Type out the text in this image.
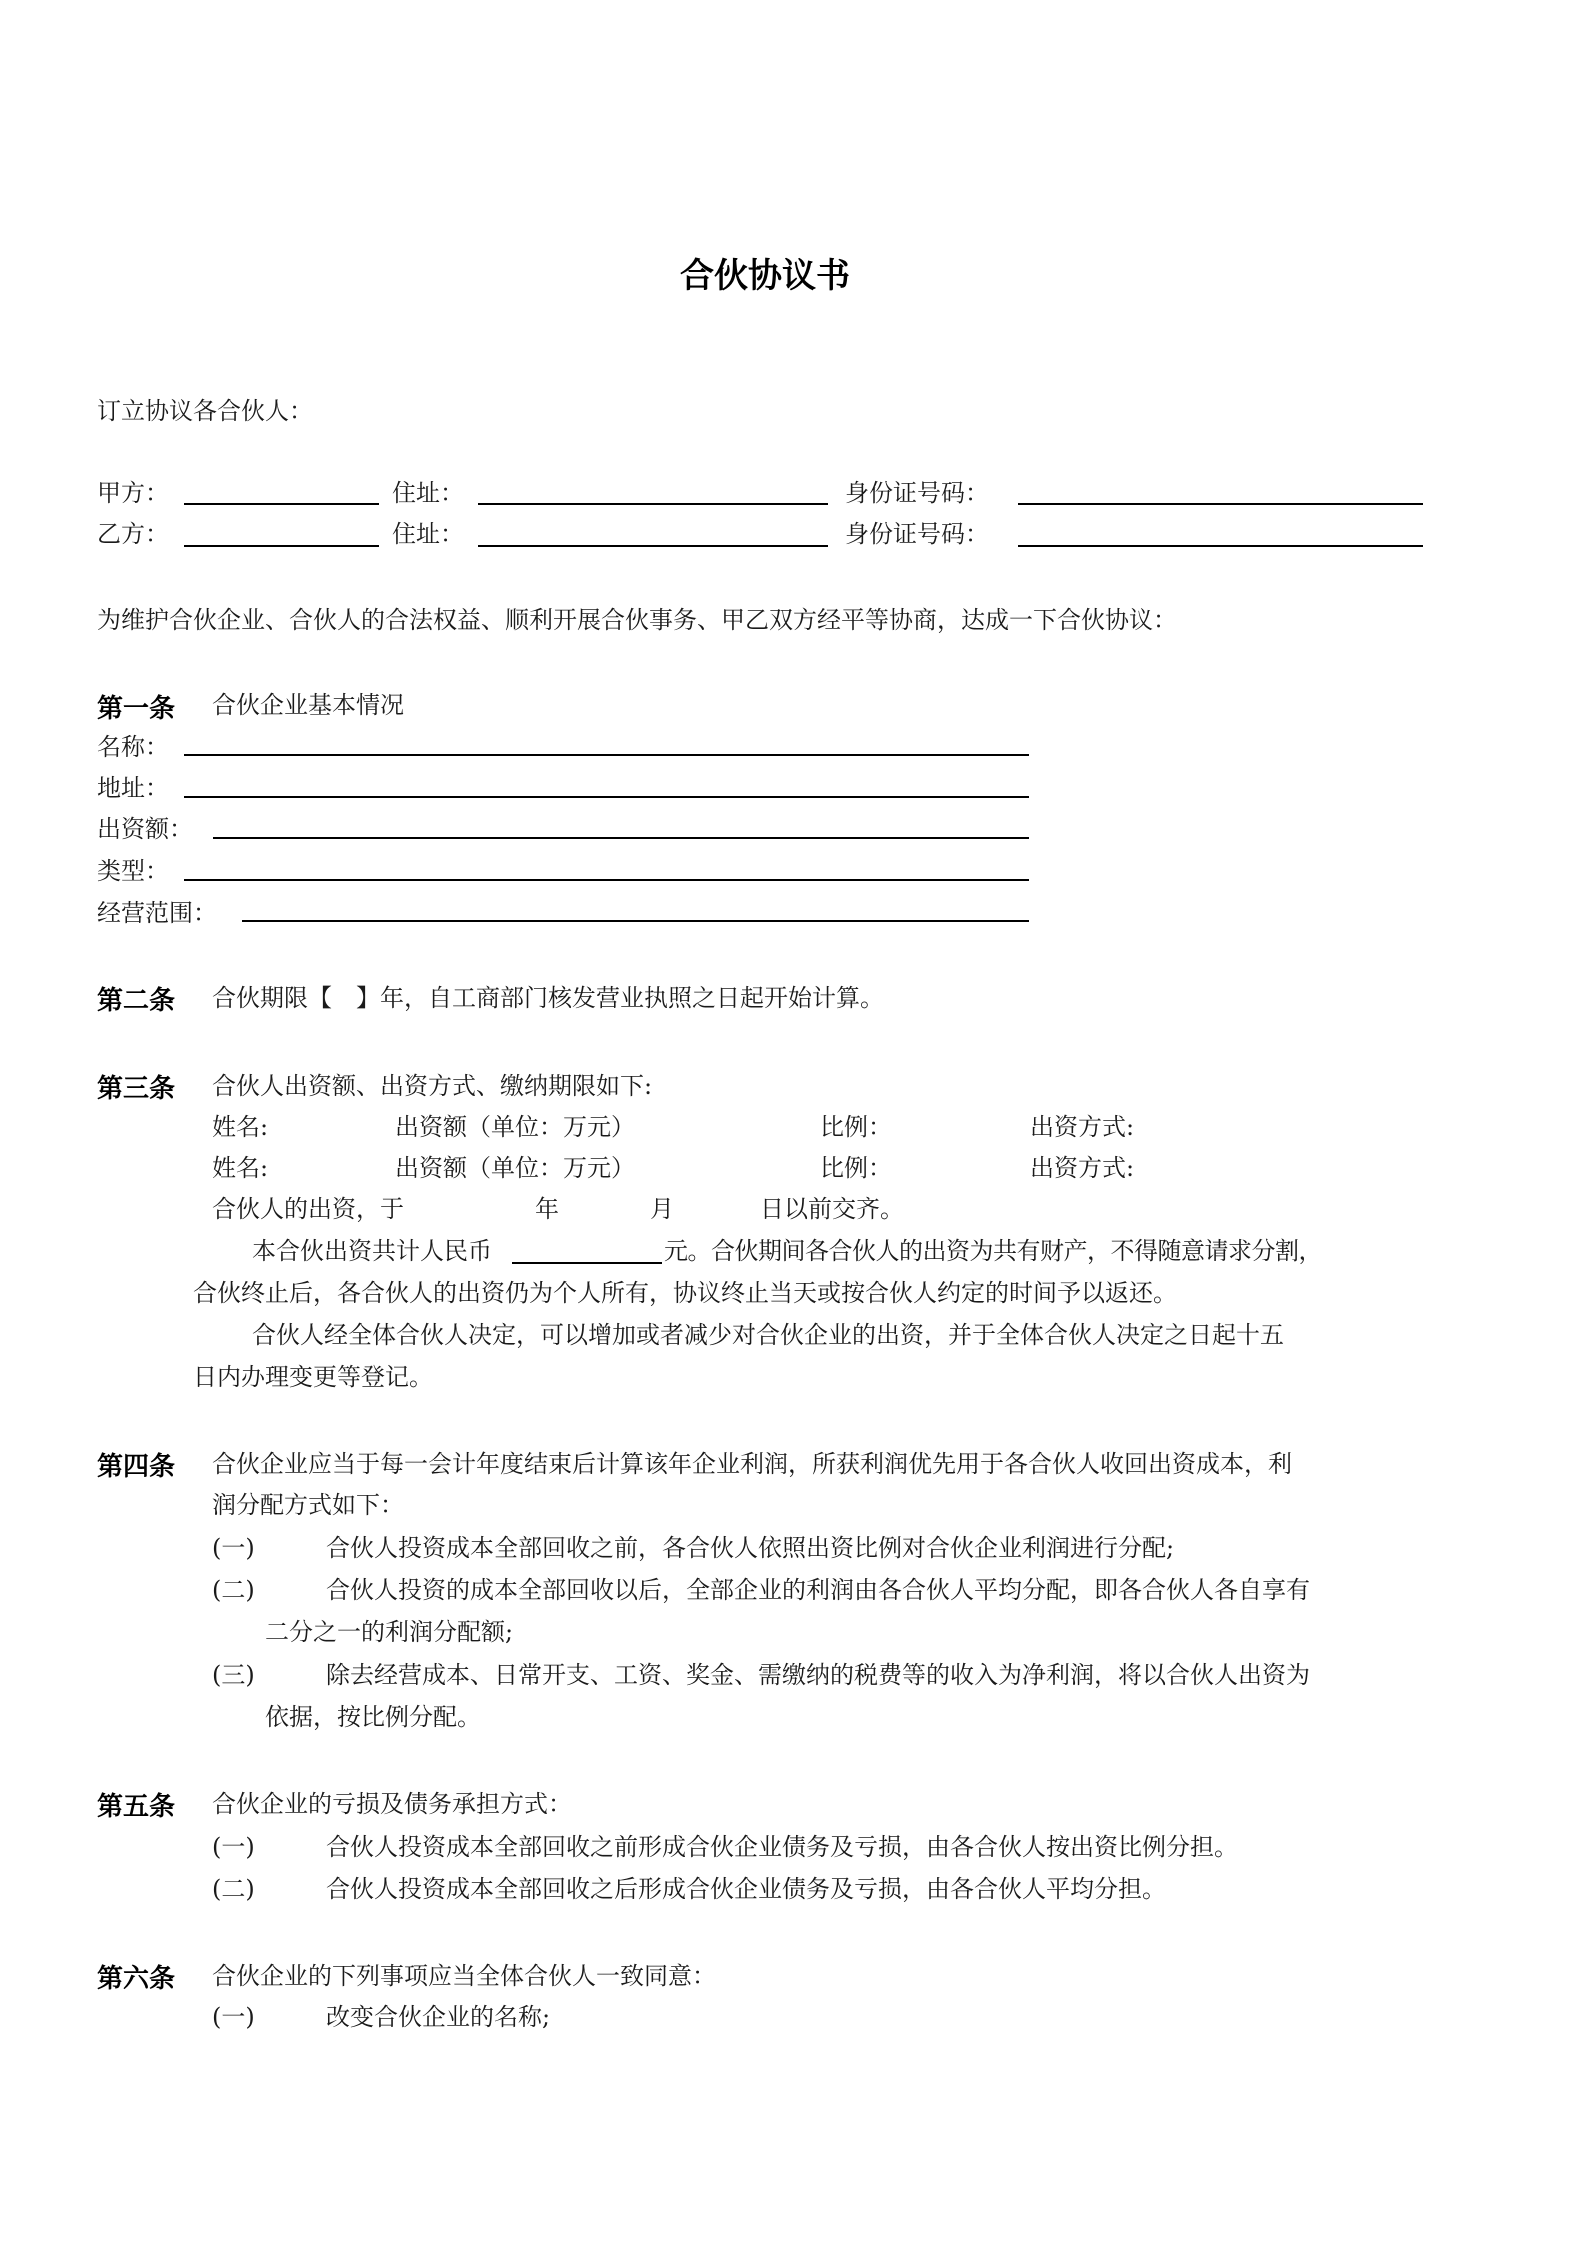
合伙协议书
订立协议各合伙人：
甲方：	住址：	身份证号码：
乙方：	住址：	身份证号码：
为维护合伙企业、合伙人的合法权益、顺利开展合伙事务、甲乙双方经平等协商，达成一下合伙协议：
第一条 合伙企业基本情况
名称：
地址：
出资额：
类型：
经营范围：
第二条 合伙期限【　】年，自工商部门核发营业执照之日起开始计算。
第三条 合伙人出资额、出资方式、缴纳期限如下:
姓名:	出资额（单位：万元）	比例：	出资方式:
姓名:	出资额（单位：万元）	比例：	出资方式:
合伙人的出资，于	年	月	日以前交齐。
本合伙出资共计人民币	元。合伙期间各合伙人的出资为共有财产，不得随意请求分割，
合伙终止后，各合伙人的出资仍为个人所有，协议终止当天或按合伙人约定的时间予以返还。
合伙人经全体合伙人决定，可以增加或者减少对合伙企业的出资，并于全体合伙人决定之日起十五
日内办理变更等登记。
第四条 合伙企业应当于每一会计年度结束后计算该年企业利润，所获利润优先用于各合伙人收回出资成本，利
润分配方式如下：
(一)	合伙人投资成本全部回收之前，各合伙人依照出资比例对合伙企业利润进行分配;
(二)	合伙人投资的成本全部回收以后，全部企业的利润由各合伙人平均分配，即各合伙人各自享有
二分之一的利润分配额;
(三)	除去经营成本、日常开支、工资、奖金、需缴纳的税费等的收入为净利润，将以合伙人出资为
依据，按比例分配。
第五条 合伙企业的亏损及债务承担方式：
(一)	合伙人投资成本全部回收之前形成合伙企业债务及亏损，由各合伙人按出资比例分担。
(二)	合伙人投资成本全部回收之后形成合伙企业债务及亏损，由各合伙人平均分担。
第六条 合伙企业的下列事项应当全体合伙人一致同意：
(一)	改变合伙企业的名称;
